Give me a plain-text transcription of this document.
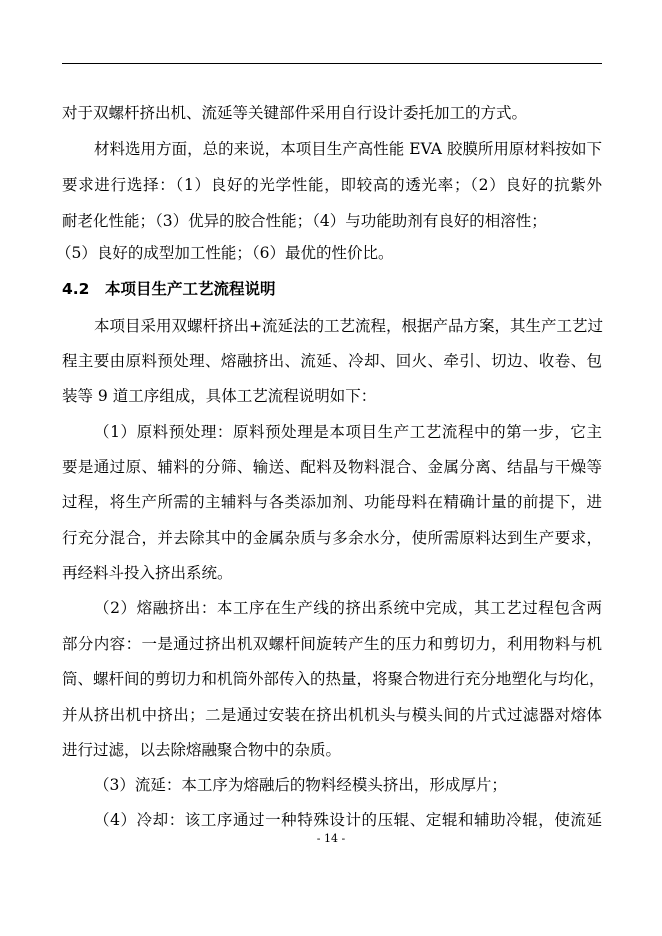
对于双螺杆挤出机、流延等关键部件采用自行设计委托加工的方式。
材料选用方面，总的来说，本项目生产高性能 EVA 胶膜所用原材料按如下
要求进行选择：（1）良好的光学性能，即较高的透光率；（2）良好的抗紫外
耐老化性能；（3）优异的胶合性能；（4）与功能助剂有良好的相溶性；
（5）良好的成型加工性能；（6）最优的性价比。
4.2　本项目生产工艺流程说明
本项目采用双螺杆挤出+流延法的工艺流程，根据产品方案，其生产工艺过
程主要由原料预处理、熔融挤出、流延、冷却、回火、牵引、切边、收卷、包
装等 9 道工序组成，具体工艺流程说明如下：
（1）原料预处理：原料预处理是本项目生产工艺流程中的第一步，它主
要是通过原、辅料的分筛、输送、配料及物料混合、金属分离、结晶与干燥等
过程，将生产所需的主辅料与各类添加剂、功能母料在精确计量的前提下，进
行充分混合，并去除其中的金属杂质与多余水分，使所需原料达到生产要求，
再经料斗投入挤出系统。
（2）熔融挤出：本工序在生产线的挤出系统中完成，其工艺过程包含两
部分内容：一是通过挤出机双螺杆间旋转产生的压力和剪切力，利用物料与机
筒、螺杆间的剪切力和机筒外部传入的热量，将聚合物进行充分地塑化与均化，
并从挤出机中挤出；二是通过安装在挤出机机头与模头间的片式过滤器对熔体
进行过滤，以去除熔融聚合物中的杂质。
（3）流延：本工序为熔融后的物料经模头挤出，形成厚片；
（4）冷却：该工序通过一种特殊设计的压辊、定辊和辅助冷辊，使流延
- 14 -
